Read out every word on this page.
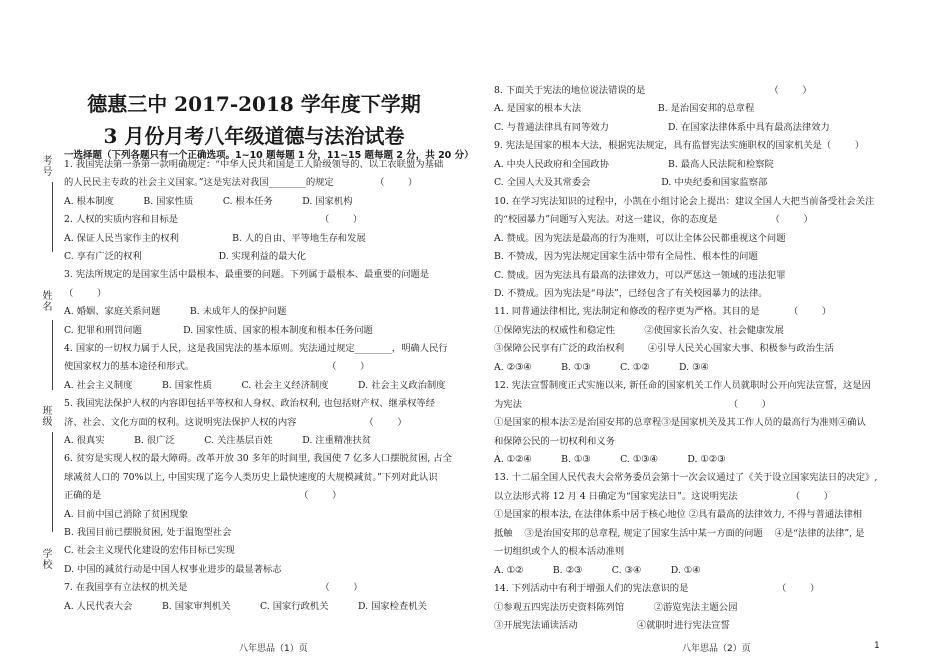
考号
姓名
班级
学校
德惠三中 2017-2018 学年度下学期
3 月份月考八年级道德与法治试卷
一选择题（下列各题只有一个正确选项。1~10 题每题 1 分，11~15 题每题 2 分，共 20 分）
1. 我国宪法第一条第一款明确规定：“中华人民共和国是工人阶级领导的、以工农联盟为基础
的人民民主专政的社会主义国家。”这是宪法对我国________的规定              （        ）
A. 根本制度          B. 国家性质          C. 根本任务          D. 国家机构
2. 人权的实质内容和目标是                                                （        ）
A. 保证人民当家作主的权利                  B. 人的自由、平等地生存和发展
C. 享有广泛的权利                          D. 实现利益的最大化
3. 宪法所规定的是国家生活中最根本、最重要的问题。下列属于最根本、最重要的问题是
（        ）
A. 婚姻、家庭关系问题          B. 未成年人的保护问题
C. 犯罪和刑罚问题              D. 国家性质、国家的根本制度和根本任务问题
4. 国家的一切权力属于人民，这是我国宪法的基本原则。宪法通过规定________，明确人民行
使国家权力的基本途径和形式。                                             （        ）
A. 社会主义制度          B. 国家性质          C. 社会主义经济制度          D. 社会主义政治制度
5. 我国宪法保护人权的内容即包括平等权和人身权、政治权利, 也包括财产权、继承权等经
济、社会、文化方面的权利。这说明宪法保护人权的内容                       （        ）
A. 很真实          B. 很广泛          C. 关注基层百姓          D. 注重精准扶贫
6. 贫穷是实现人权的最大障碍。改革开放 30 多年的时间里, 我国使 7 亿多人口摆脱贫困, 占全
球减贫人口的 70%以上, 中国实现了迄今人类历史上最快速度的大规模减贫。”下列对此认识
正确的是                                                                   （        ）
A. 目前中国已消除了贫困现象
B. 我国目前已摆脱贫困, 处于温饱型社会
C. 社会主义现代化建设的宏伟目标已实现
D. 中国的减贫行动是中国人权事业进步的最显著标志
7. 在我国享有立法权的机关是                                             （        ）
A. 人民代表大会          B. 国家审判机关          C. 国家行政机关          D. 国家检查机关
八年思品（1）页
8. 下面关于宪法的地位说法错误的是                                          （        ）
A. 是国家的根本大法                          B. 是治国安邦的总章程
C. 与普通法律具有同等效力                    D. 在国家法律体系中具有最高法律效力
9. 宪法是国家的根本大法，根据宪法规定，具有监督宪法实施职权的国家机关是（        ）
A. 中央人民政府和全国政协                    B. 最高人民法院和检察院
C. 全国人大及其常委会                        D. 中央纪委和国家监察部
10. 在学习宪法知识的过程中，小凯在小组讨论会上提出：建议全国人大把当前备受社会关注
的“校园暴力”问题写入宪法。对这一建议，你的态度是                  （        ）
A. 赞成。因为宪法是最高的行为准则，可以让全体公民都重视这个问题
B. 不赞成，因为宪法规定国家生活中带有全局性、根本性的问题
C. 赞成。因为宪法具有最高的法律效力，可以严惩这一领域的违法犯罪
D. 不赞成。因为宪法是“母法”，已经包含了有关校园暴力的法律。
11. 同普通法律相比, 宪法制定和修改的程序更为严格。其目的是          （        ）
①保障宪法的权威性和稳定性          ②使国家长治久安、社会健康发展
③保障公民享有广泛的政治权利        ④引导人民关心国家大事、积极参与政治生活
A. ②③④          B. ①③          C. ①②          D. ③④
12. 宪法宣誓制度正式实施以来, 新任命的国家机关工作人员就职时公开向宪法宣誓，这是因
为宪法                                                                      （        ）
①是国家的根本法②是治国安邦的总章程③是国家机关及其工作人员的最高行为准则④确认
和保障公民的一切权利和义务
A. ①②④          B. ①③          C. ①③④          D. ①②③
13. 十二届全国人民代表大会常务委员会第十一次会议通过了《关于设立国家宪法日的决定》,
以立法形式将 12 月 4 日确定为“国家宪法日”。这说明宪法                  （        ）
①是国家的根本法, 在法律体系中居于核心地位 ②具有最高的法律效力, 不得与普通法律相
抵触    ③是治国安邦的总章程, 规定了国家生活中某一方面的问题    ④是“法律的法律”, 是
一切组织或个人的根本活动准则
A. ①②          B. ②③          C. ③④          D. ①④
14. 下列活动中有利于增强人们的宪法意识的是                              （        ）
①参观五四宪法历史资料陈列馆          ②游览宪法主题公园
③开展宪法诵读活动                    ④就职时进行宪法宣誓
八年思品（2）页	1
